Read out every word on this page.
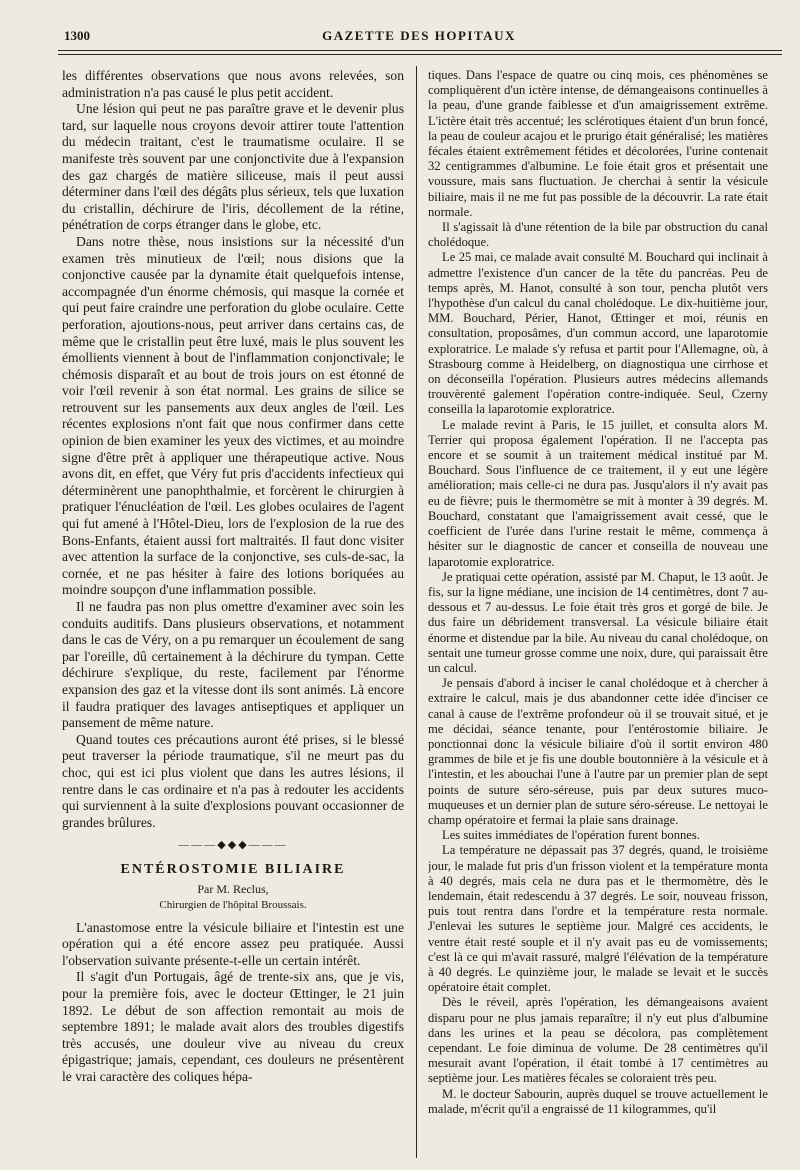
1300	GAZETTE DES HOPITAUX

les différentes observations que nous avons relevées, son administration n'a pas causé le plus petit accident.

Une lésion qui peut ne pas paraître grave et le devenir plus tard, sur laquelle nous croyons devoir attirer toute l'attention du médecin traitant, c'est le traumatisme oculaire. Il se manifeste très souvent par une conjonctivite due à l'expansion des gaz chargés de matière siliceuse, mais il peut aussi déterminer dans l'œil des dégâts plus sérieux, tels que luxation du cristallin, déchirure de l'iris, décollement de la rétine, pénétration de corps étranger dans le globe, etc.

Dans notre thèse, nous insistions sur la nécessité d'un examen très minutieux de l'œil; nous disions que la conjonctive causée par la dynamite était quelquefois intense, accompagnée d'un énorme chémosis, qui masque la cornée et qui peut faire craindre une perforation du globe oculaire. Cette perforation, ajoutions-nous, peut arriver dans certains cas, de même que le cristallin peut être luxé, mais le plus souvent les émollients viennent à bout de l'inflammation conjonctivale; le chémosis disparaît et au bout de trois jours on est étonné de voir l'œil revenir à son état normal. Les grains de silice se retrouvent sur les pansements aux deux angles de l'œil. Les récentes explosions n'ont fait que nous confirmer dans cette opinion de bien examiner les yeux des victimes, et au moindre signe d'être prêt à appliquer une thérapeutique active. Nous avons dit, en effet, que Véry fut pris d'accidents infectieux qui déterminèrent une panophthalmie, et forcèrent le chirurgien à pratiquer l'énucléation de l'œil. Les globes oculaires de l'agent qui fut amené à l'Hôtel-Dieu, lors de l'explosion de la rue des Bons-Enfants, étaient aussi fort maltraités. Il faut donc visiter avec attention la surface de la conjonctive, ses culs-de-sac, la cornée, et ne pas hésiter à faire des lotions boriquées au moindre soupçon d'une inflammation possible.

Il ne faudra pas non plus omettre d'examiner avec soin les conduits auditifs. Dans plusieurs observations, et notamment dans le cas de Véry, on a pu remarquer un écoulement de sang par l'oreille, dû certainement à la déchirure du tympan. Cette déchirure s'explique, du reste, facilement par l'énorme expansion des gaz et la vitesse dont ils sont animés. Là encore il faudra pratiquer des lavages antiseptiques et appliquer un pansement de même nature.

Quand toutes ces précautions auront été prises, si le blessé peut traverser la période traumatique, s'il ne meurt pas du choc, qui est ici plus violent que dans les autres lésions, il rentre dans le cas ordinaire et n'a pas à redouter les accidents qui surviennent à la suite d'explosions pouvant occasionner de grandes brûlures.

———◆◆◆———
ENTÉROSTOMIE BILIAIRE
Par M. Reclus,
Chirurgien de l'hôpital Broussais.

L'anastomose entre la vésicule biliaire et l'intestin est une opération qui a été encore assez peu pratiquée. Aussi l'observation suivante présente-t-elle un certain intérêt.

Il s'agit d'un Portugais, âgé de trente-six ans, que je vis, pour la première fois, avec le docteur Œttinger, le 21 juin 1892. Le début de son affection remontait au mois de septembre 1891; le malade avait alors des troubles digestifs très accusés, une douleur vive au niveau du creux épigastrique; jamais, cependant, ces douleurs ne présentèrent le vrai caractère des coliques hépa-

tiques. Dans l'espace de quatre ou cinq mois, ces phénomènes se compliquèrent d'un ictère intense, de démangeaisons continuelles à la peau, d'une grande faiblesse et d'un amaigrissement extrême. L'ictère était très accentué; les sclérotiques étaient d'un brun foncé, la peau de couleur acajou et le prurigo était généralisé; les matières fécales étaient extrêmement fétides et décolorées, l'urine contenait 32 centigrammes d'albumine. Le foie était gros et présentait une voussure, mais sans fluctuation. Je cherchai à sentir la vésicule biliaire, mais il ne me fut pas possible de la découvrir. La rate était normale.

Il s'agissait là d'une rétention de la bile par obstruction du canal cholédoque.

Le 25 mai, ce malade avait consulté M. Bouchard qui inclinait à admettre l'existence d'un cancer de la tête du pancréas. Peu de temps après, M. Hanot, consulté à son tour, pencha plutôt vers l'hypothèse d'un calcul du canal cholédoque. Le dix-huitième jour, MM. Bouchard, Périer, Hanot, Œttinger et moi, réunis en consultation, proposâmes, d'un commun accord, une laparotomie exploratrice. Le malade s'y refusa et partit pour l'Allemagne, où, à Strasbourg comme à Heidelberg, on diagnostiqua une cirrhose et on déconseilla l'opération. Plusieurs autres médecins allemands trouvèrenté galement l'opération contre-indiquée. Seul, Czerny conseilla la laparotomie exploratrice.

Le malade revint à Paris, le 15 juillet, et consulta alors M. Terrier qui proposa également l'opération. Il ne l'accepta pas encore et se soumit à un traitement médical institué par M. Bouchard. Sous l'influence de ce traitement, il y eut une légère amélioration; mais celle-ci ne dura pas. Jusqu'alors il n'y avait pas eu de fièvre; puis le thermomètre se mit à monter à 39 degrés. M. Bouchard, constatant que l'amaigrissement avait cessé, que le coefficient de l'urée dans l'urine restait le même, commença à hésiter sur le diagnostic de cancer et conseilla de nouveau une laparotomie exploratrice.

Je pratiquai cette opération, assisté par M. Chaput, le 13 août. Je fis, sur la ligne médiane, une incision de 14 centimètres, dont 7 au-dessous et 7 au-dessus. Le foie était très gros et gorgé de bile. Je dus faire un débridement transversal. La vésicule biliaire était énorme et distendue par la bile. Au niveau du canal cholédoque, on sentait une tumeur grosse comme une noix, dure, qui paraissait être un calcul.

Je pensais d'abord à inciser le canal cholédoque et à chercher à extraire le calcul, mais je dus abandonner cette idée d'inciser ce canal à cause de l'extrême profondeur où il se trouvait situé, et je me décidai, séance tenante, pour l'entérostomie biliaire. Je ponctionnai donc la vésicule biliaire d'où il sortit environ 480 grammes de bile et je fis une double boutonnière à la vésicule et à l'intestin, et les abouchai l'une à l'autre par un premier plan de sept points de suture séro-séreuse, puis par deux sutures muco-muqueuses et un dernier plan de suture séro-séreuse. Le nettoyai le champ opératoire et fermai la plaie sans drainage.

Les suites immédiates de l'opération furent bonnes.

La température ne dépassait pas 37 degrés, quand, le troisième jour, le malade fut pris d'un frisson violent et la température monta à 40 degrés, mais cela ne dura pas et le thermomètre, dès le lendemain, était redescendu à 37 degrés. Le soir, nouveau frisson, puis tout rentra dans l'ordre et la température resta normale. J'enlevai les sutures le septième jour. Malgré ces accidents, le ventre était resté souple et il n'y avait pas eu de vomissements; c'est là ce qui m'avait rassuré, malgré l'élévation de la température à 40 degrés. Le quinzième jour, le malade se levait et le succès opératoire était complet.

Dès le réveil, après l'opération, les démangeaisons avaient disparu pour ne plus jamais reparaître; il n'y eut plus d'albumine dans les urines et la peau se décolora, pas complètement cependant. Le foie diminua de volume. De 28 centimètres qu'il mesurait avant l'opération, il était tombé à 17 centimètres au septième jour. Les matières fécales se coloraient très peu.

M. le docteur Sabourin, auprès duquel se trouve actuellement le malade, m'écrit qu'il a engraissé de 11 kilogrammes, qu'il
